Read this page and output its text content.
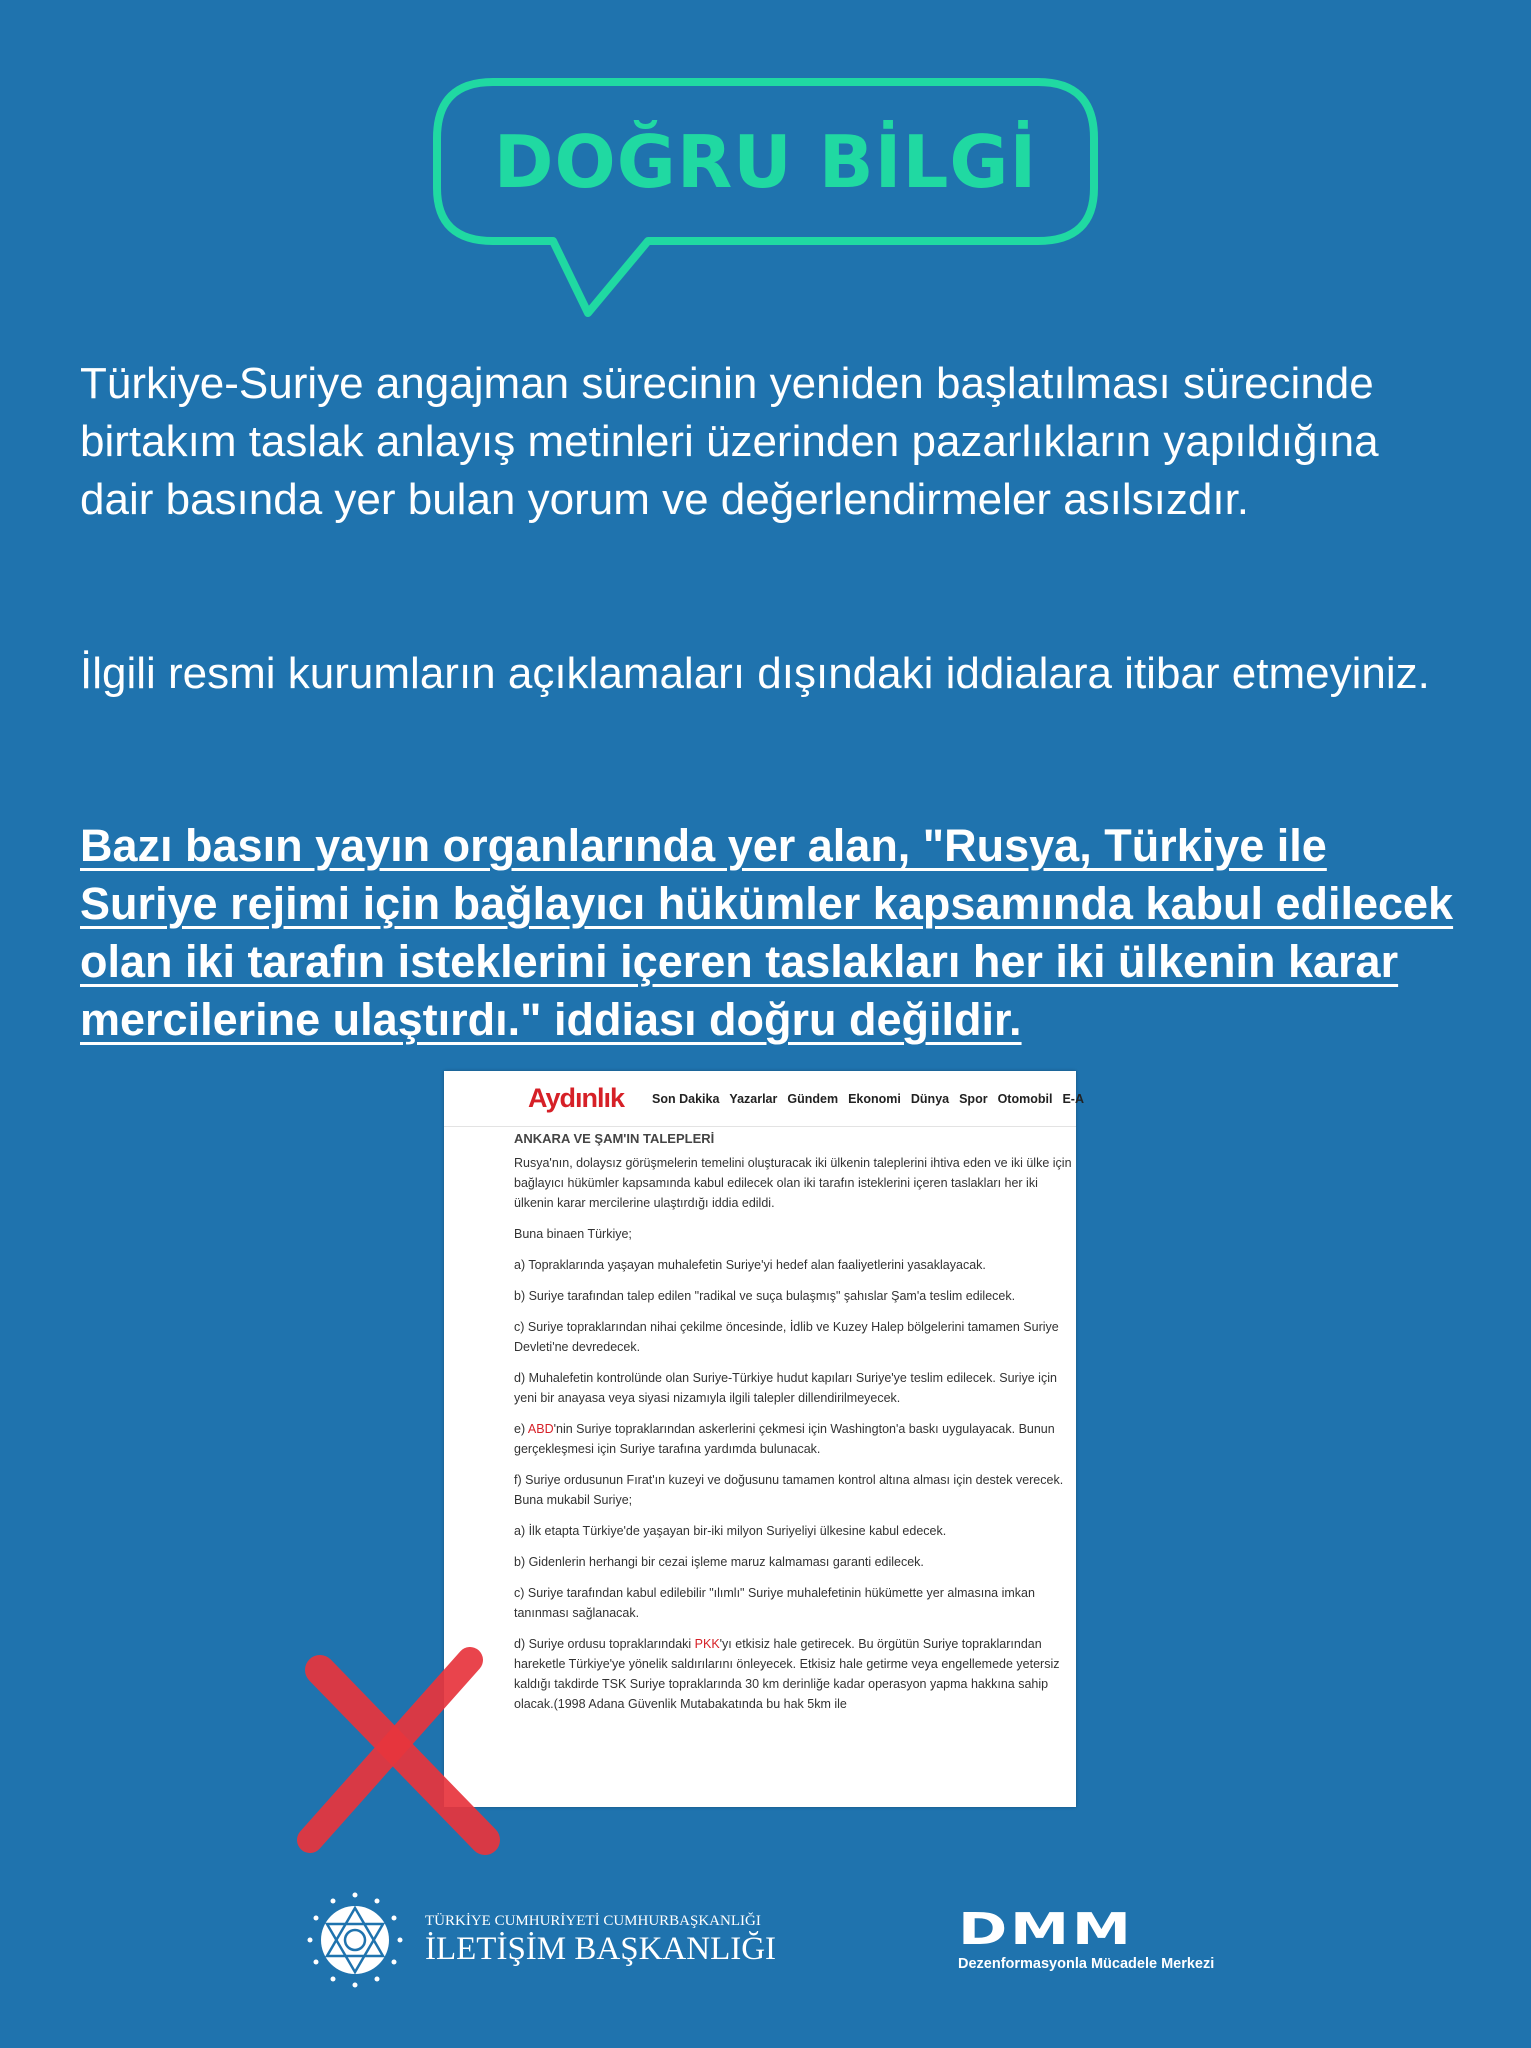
DOĞRU BİLGİ

Türkiye-Suriye angajman sürecinin yeniden başlatılması sürecinde birtakım taslak anlayış metinleri üzerinden pazarlıkların yapıldığına dair basında yer bulan yorum ve değerlendirmeler asılsızdır.

İlgili resmi kurumların açıklamaları dışındaki iddialara itibar etmeyiniz.

Bazı basın yayın organlarında yer alan, "Rusya, Türkiye ile Suriye rejimi için bağlayıcı hükümler kapsamında kabul edilecek olan iki tarafın isteklerini içeren taslakları her iki ülkenin karar mercilerine ulaştırdı." iddiası doğru değildir.

Aydınlık Son Dakika Yazarlar Gündem Ekonomi Dünya Spor Otomobil E-A
ANKARA VE ŞAM'IN TALEPLERİ

Rusya'nın, dolaysız görüşmelerin temelini oluşturacak iki ülkenin taleplerini ihtiva eden ve iki ülke için bağlayıcı hükümler kapsamında kabul edilecek olan iki tarafın isteklerini içeren taslakları her iki ülkenin karar mercilerine ulaştırdığı iddia edildi.

Buna binaen Türkiye;

a) Topraklarında yaşayan muhalefetin Suriye'yi hedef alan faaliyetlerini yasaklayacak.

b) Suriye tarafından talep edilen "radikal ve suça bulaşmış" şahıslar Şam'a teslim edilecek.

c) Suriye topraklarından nihai çekilme öncesinde, İdlib ve Kuzey Halep bölgelerini tamamen Suriye Devleti'ne devredecek.

d) Muhalefetin kontrolünde olan Suriye-Türkiye hudut kapıları Suriye'ye teslim edilecek. Suriye için yeni bir anayasa veya siyasi nizamıyla ilgili talepler dillendirilmeyecek.

e) ABD'nin Suriye topraklarından askerlerini çekmesi için Washington'a baskı uygulayacak. Bunun gerçekleşmesi için Suriye tarafına yardımda bulunacak.

f) Suriye ordusunun Fırat'ın kuzeyi ve doğusunu tamamen kontrol altına alması için destek verecek.

Buna mukabil Suriye;

a) İlk etapta Türkiye'de yaşayan bir-iki milyon Suriyeliyi ülkesine kabul edecek.

b) Gidenlerin herhangi bir cezai işleme maruz kalmaması garanti edilecek.

c) Suriye tarafından kabul edilebilir "ılımlı" Suriye muhalefetinin hükümette yer almasına imkan tanınması sağlanacak.

d) Suriye ordusu topraklarındaki PKK'yı etkisiz hale getirecek. Bu örgütün Suriye topraklarından hareketle Türkiye'ye yönelik saldırılarını önleyecek. Etkisiz hale getirme veya engellemede yetersiz kaldığı takdirde TSK Suriye topraklarında 30 km derinliğe kadar operasyon yapma hakkına sahip olacak.(1998 Adana Güvenlik Mutabakatında bu hak 5km ile

TÜRKİYE CUMHURİYETİ CUMHURBAŞKANLIĞI
İLETİŞİM BAŞKANLIĞI	DMM
Dezenformasyonla Mücadele Merkezi
